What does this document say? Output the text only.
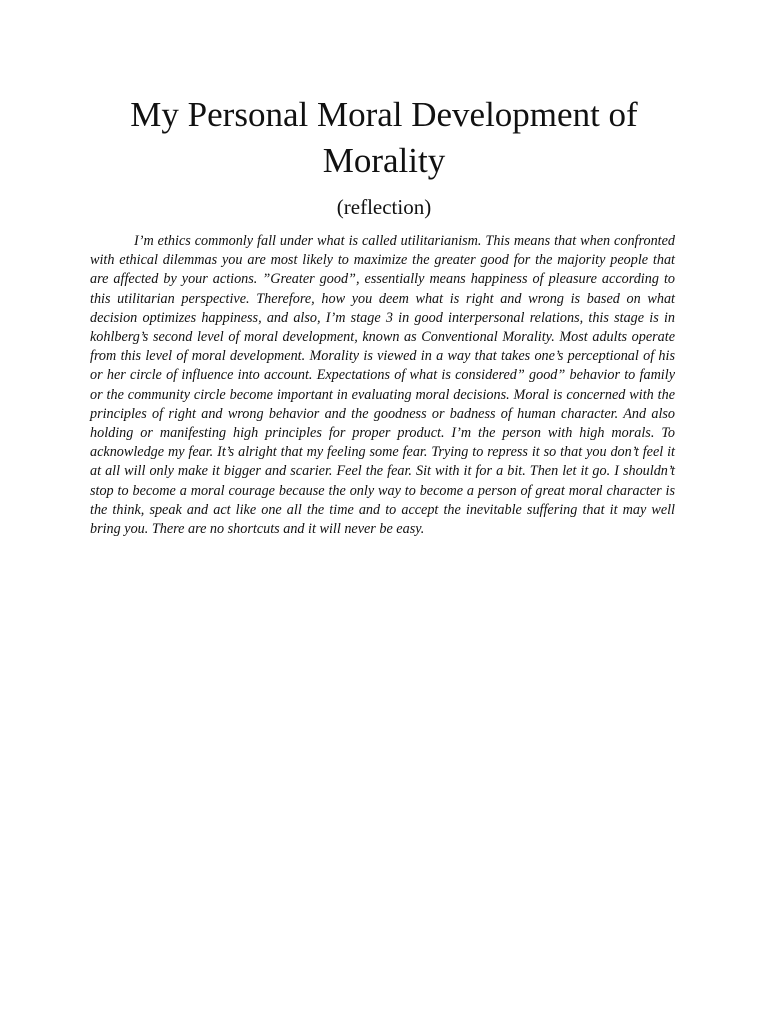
My Personal Moral Development of Morality
(reflection)

I’m ethics commonly fall under what is called utilitarianism. This means that when confronted with ethical dilemmas you are most likely to maximize the greater good for the majority people that are affected by your actions. ”Greater good”, essentially means happiness of pleasure according to this utilitarian perspective. Therefore, how you deem what is right and wrong is based on what decision optimizes happiness, and also, I’m stage 3 in good interpersonal relations, this stage is in kohlberg’s second level of moral development, known as Conventional Morality. Most adults operate from this level of moral development. Morality is viewed in a way that takes one’s perceptional of his or her circle of influence into account. Expectations of what is considered” good” behavior to family or the community circle become important in evaluating moral decisions. Moral is concerned with the principles of right and wrong behavior and the goodness or badness of human character. And also holding or manifesting high principles for proper product. I’m the person with high morals. To acknowledge my fear. It’s alright that my feeling some fear. Trying to repress it so that you don’t feel it at all will only make it bigger and scarier. Feel the fear. Sit with it for a bit. Then let it go. I shouldn’t stop to become a moral courage because the only way to become a person of great moral character is the think, speak and act like one all the time and to accept the inevitable suffering that it may well bring you. There are no shortcuts and it will never be easy.
